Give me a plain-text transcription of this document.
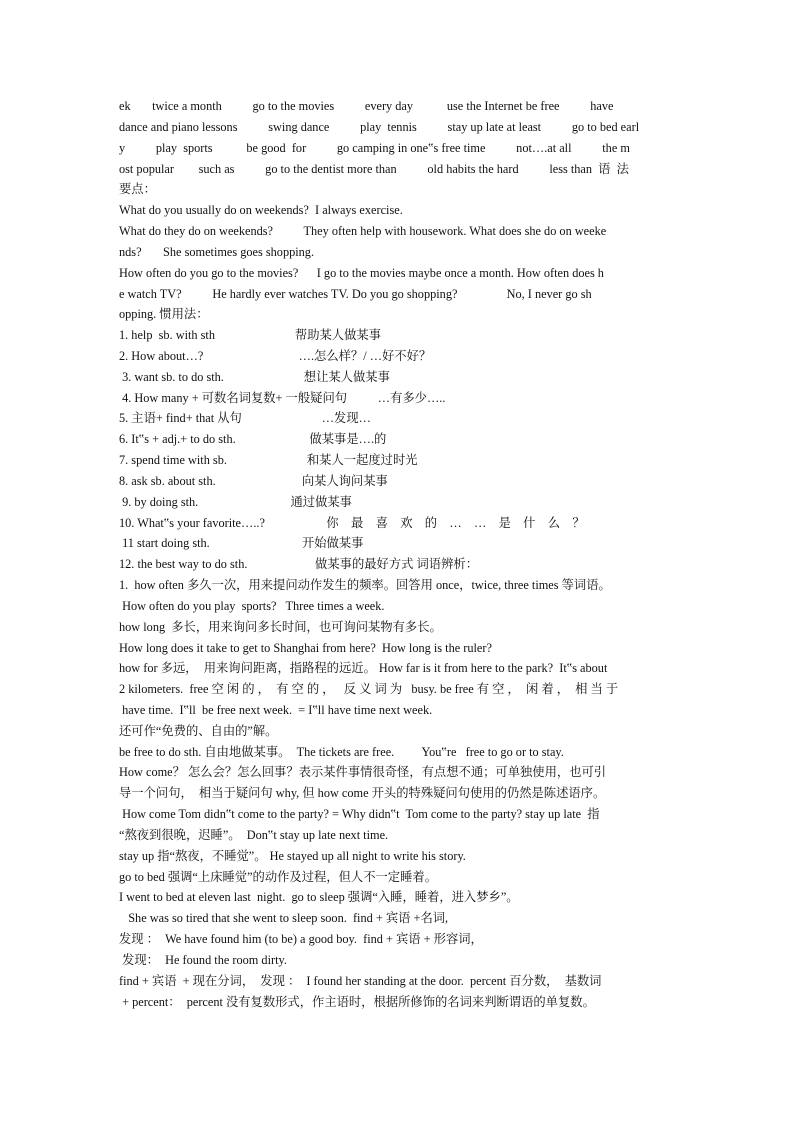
ek       twice a month          go to the movies          every day           use the Internet be free          have
dance and piano lessons          swing dance          play  tennis          stay up late at least          go to bed earl
y          play  sports           be good  for          go camping in one‟s free time          not….at all          the m
ost popular        such as          go to the dentist more than          old habits the hard          less than  语  法
要点：
What do you usually do on weekends?  I always exercise.
What do they do on weekends?          They often help with housework. What does she do on weeke
nds?       She sometimes goes shopping.
How often do you go to the movies?      I go to the movies maybe once a month. How often does h
e watch TV?          He hardly ever watches TV. Do you go shopping?                No, I never go sh
opping. 惯用法：
1. help  sb. with sth                          帮助某人做某事
2. How about…?                               ….怎么样？/ …好不好？
3. want sb. to do sth.                          想让某人做某事
4. How many + 可数名词复数+ 一般疑问句          …有多少…..
5. 主语+ find+ that 从句                          …发现…
6. It‟s + adj.+ to do sth.                        做某事是….的
7. spend time with sb.                          和某人一起度过时光
8. ask sb. about sth.                            向某人询问某事
9. by doing sth.                              通过做某事
10. What‟s your favorite…..?                    你    最    喜    欢    的    …    …    是    什    么    ？
11 start doing sth.                              开始做某事
12. the best way to do sth.                      做某事的最好方式 词语辨析：
1.  how often 多久一次，用来提问动作发生的频率。回答用 once，twice, three times 等词语。
How often do you play  sports?   Three times a week.
how long  多长，用来询问多长时间，也可询问某物有多长。
How long does it take to get to Shanghai from here?  How long is the ruler?
how for 多远，  用来询问距离，指路程的远近。 How far is it from here to the park?  It‟s about
2 kilometers.  free 空 闲 的 ，  有 空 的 ，   反 义 词 为   busy. be free 有 空 ，  闲 着 ，  相 当 于
have time.  I‟ll  be free next week.  = I‟ll have time next week.
还可作“免费的、自由的”解。
be free to do sth. 自由地做某事。  The tickets are free.         You‟re   free to go or to stay.
How come？ 怎么会？怎么回事？表示某件事情很奇怪，有点想不通；可单独使用，也可引
导一个问句，  相当于疑问句 why, 但 how come 开头的特殊疑问句使用的仍然是陈述语序。
How come Tom didn‟t come to the party? = Why didn‟t  Tom come to the party? stay up late  指
“熬夜到很晚，迟睡”。  Don‟t stay up late next time.
stay up 指“熬夜，不睡觉”。 He stayed up all night to write his story.
go to bed 强调“上床睡觉”的动作及过程，但人不一定睡着。
I went to bed at eleven last  night.  go to sleep 强调“入睡，睡着，进入梦乡”。
She was so tired that she went to sleep soon.  find + 宾语 +名词,
发现 ：  We have found him (to be) a good boy.  find + 宾语 + 形容词，
发现：  He found the room dirty.
find + 宾语  + 现在分词，  发现 ：  I found her standing at the door.  percent 百分数，  基数词
+ percent：  percent 没有复数形式，作主语时，根据所修饰的名词来判断谓语的单复数。
